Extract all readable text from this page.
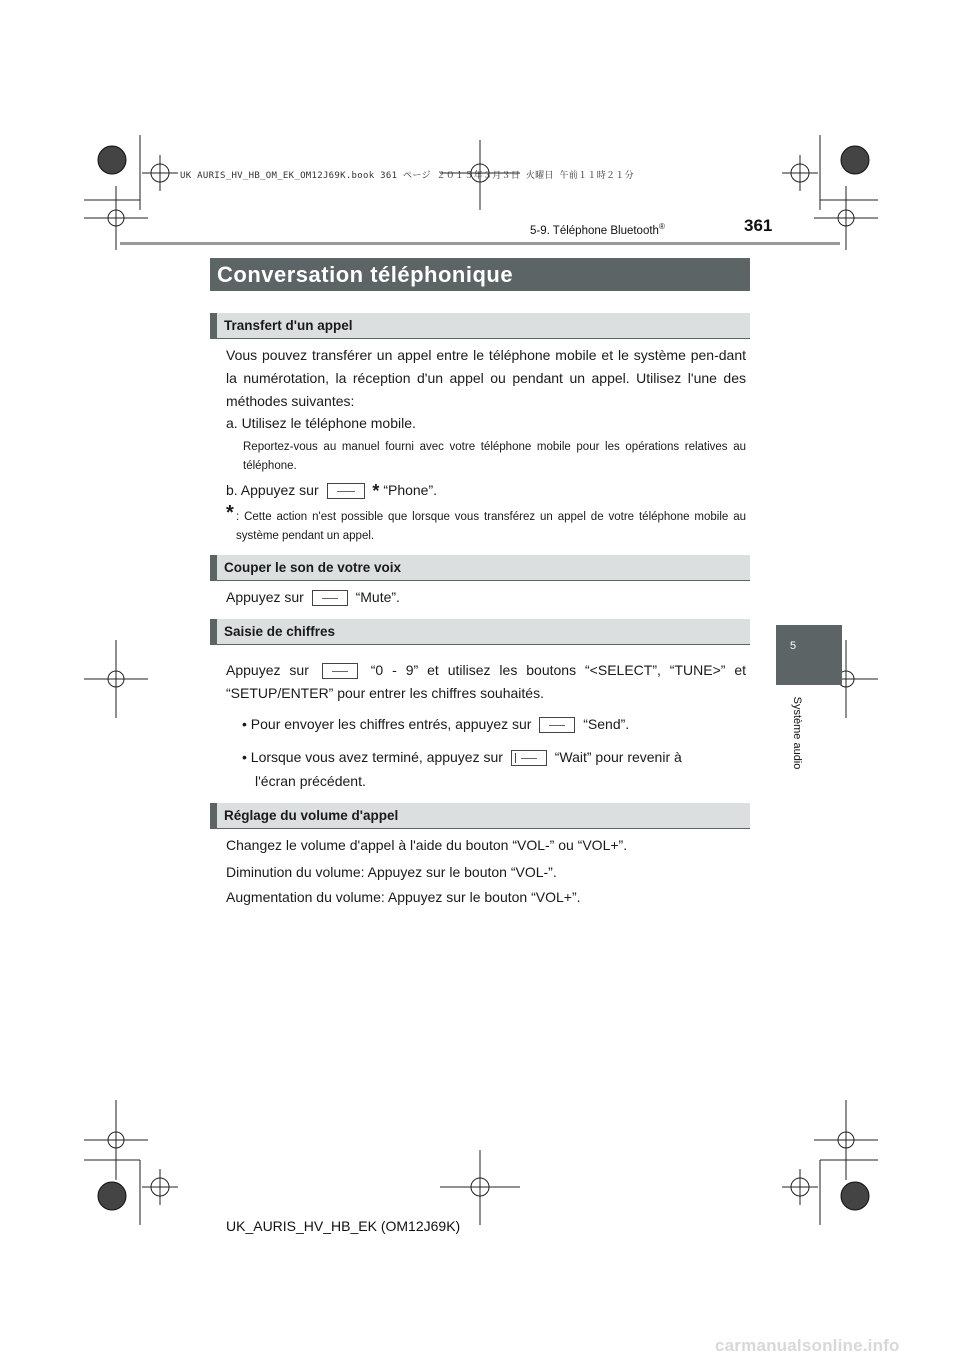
UK AURIS_HV_HB_OM_EK_OM12J69K.book 361 ページ ２０１５年３月３日 火曜日 午前１１時２１分
5-9. Téléphone Bluetooth®	361
5
Système audio
Conversation téléphonique
Transfert d'un appel
Vous pouvez transférer un appel entre le téléphone mobile et le système pen-dant la numérotation, la réception d'un appel ou pendant un appel. Utilisez l'une des méthodes suivantes:
a. Utilisez le téléphone mobile.
Reportez-vous au manuel fourni avec votre téléphone mobile pour les opérations relatives au téléphone.
b. Appuyez sur	* “Phone”.
* : Cette action n'est possible que lorsque vous transférez un appel de votre téléphone mobile au système pendant un appel.
Couper le son de votre voix
Appuyez sur	“Mute”.
Saisie de chiffres
Appuyez sur	“0 - 9” et utilisez les boutons “<SELECT”, “TUNE>” et “SETUP/ENTER” pour entrer les chiffres souhaités.
• Pour envoyer les chiffres entrés, appuyez sur	“Send”.
• Lorsque vous avez terminé, appuyez sur	“Wait” pour revenir à
l'écran précédent.
Réglage du volume d'appel
Changez le volume d'appel à l'aide du bouton “VOL-” ou “VOL+”.
Diminution du volume: Appuyez sur le bouton “VOL-”.
Augmentation du volume: Appuyez sur le bouton “VOL+”.
UK_AURIS_HV_HB_EK (OM12J69K)
carmanualsonline.info
